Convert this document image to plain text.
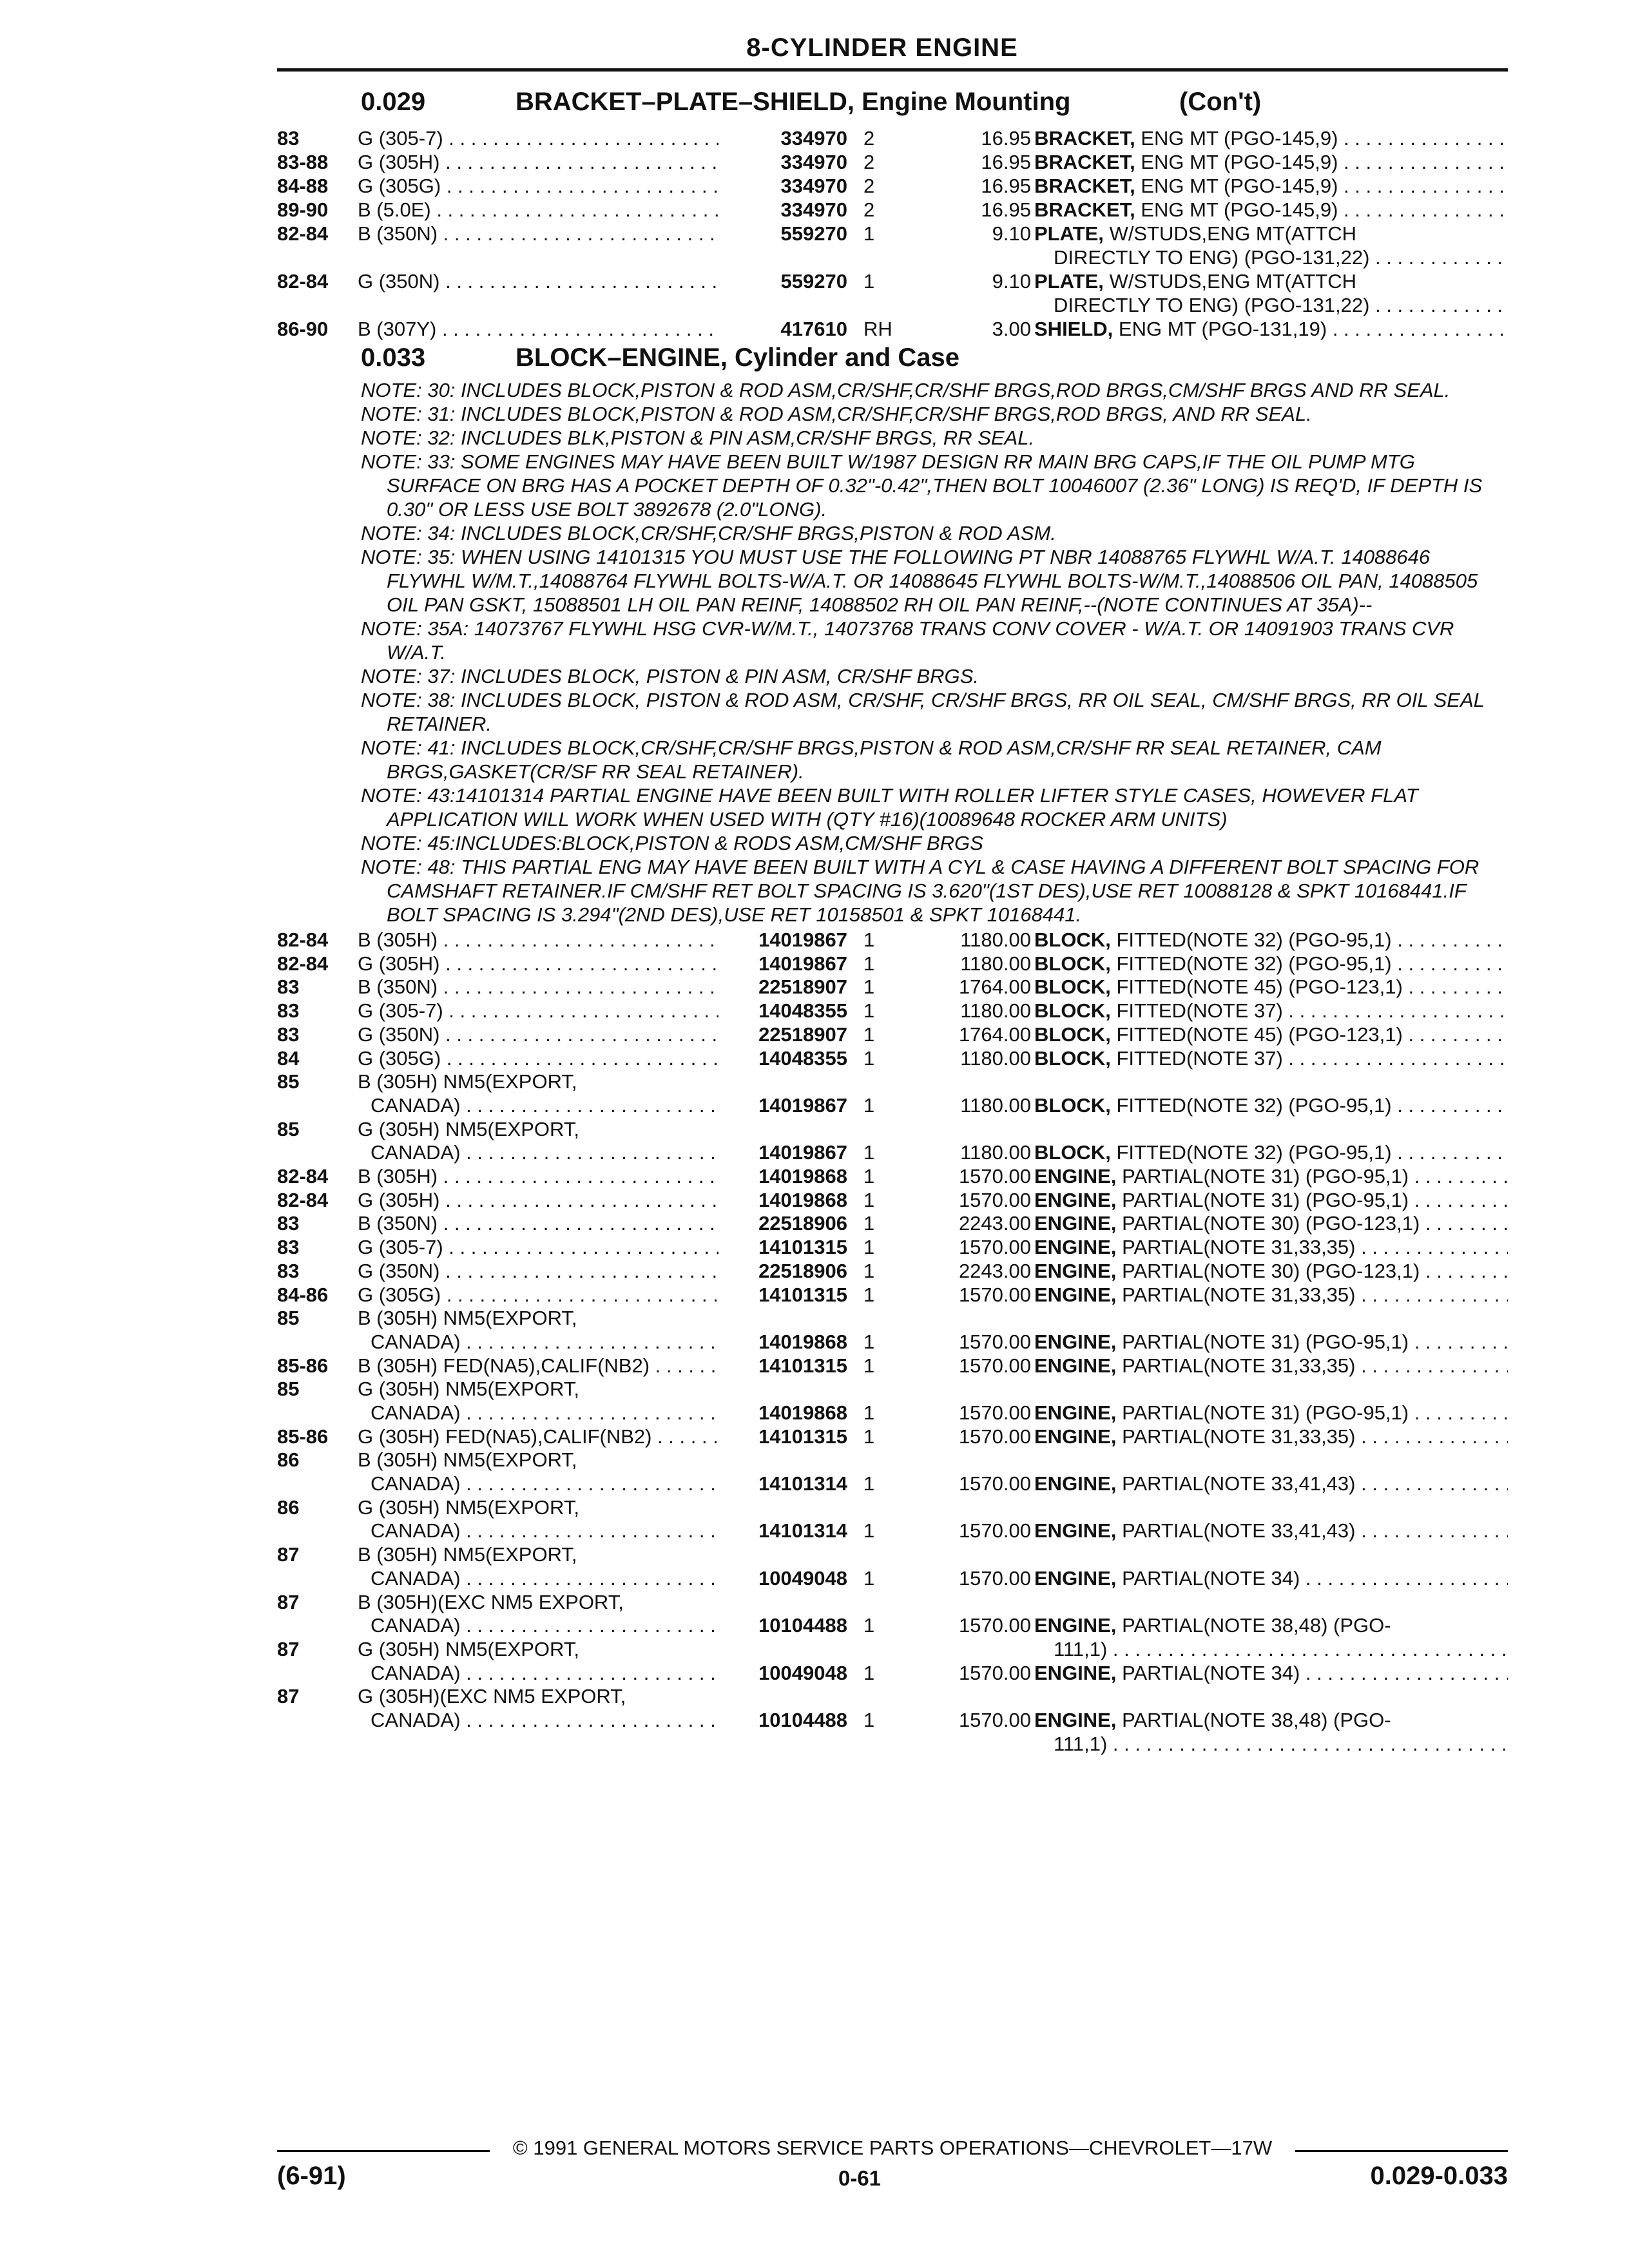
8-CYLINDER ENGINE
0.029	BRACKET–PLATE–SHIELD, Engine Mounting	(Con't)
83	G (305-7) . . .	334970 2	16.95 BRACKET, ENG MT (PGO-145,9) . . .
83-88	G (305H) . . .	334970 2	16.95 BRACKET, ENG MT (PGO-145,9) . . .
84-88	G (305G) . . .	334970 2	16.95 BRACKET, ENG MT (PGO-145,9) . . .
89-90	B (5.0E) . . .	334970 2	16.95 BRACKET, ENG MT (PGO-145,9) . . .
82-84	B (350N) . . .	559270 1	9.10 PLATE, W/STUDS,ENG MT(ATTCH
DIRECTLY TO ENG) (PGO-131,22) . . .
82-84	G (350N) . . .	559270 1	9.10 PLATE, W/STUDS,ENG MT(ATTCH
DIRECTLY TO ENG) (PGO-131,22) . . .
86-90	B (307Y) . . .	417610 RH	3.00 SHIELD, ENG MT (PGO-131,19) . . .
0.033	BLOCK–ENGINE, Cylinder and Case

NOTE: 30: INCLUDES BLOCK,PISTON & ROD ASM,CR/SHF,CR/SHF BRGS,ROD BRGS,CM/SHF BRGS AND RR SEAL.

NOTE: 31: INCLUDES BLOCK,PISTON & ROD ASM,CR/SHF,CR/SHF BRGS,ROD BRGS, AND RR SEAL.

NOTE: 32: INCLUDES BLK,PISTON & PIN ASM,CR/SHF BRGS, RR SEAL.

NOTE: 33: SOME ENGINES MAY HAVE BEEN BUILT W/1987 DESIGN RR MAIN BRG CAPS,IF THE OIL PUMP MTG SURFACE ON BRG HAS A POCKET DEPTH OF 0.32"-0.42",THEN BOLT 10046007 (2.36" LONG) IS REQ'D, IF DEPTH IS 0.30" OR LESS USE BOLT 3892678 (2.0"LONG).

NOTE: 34: INCLUDES BLOCK,CR/SHF,CR/SHF BRGS,PISTON & ROD ASM.

NOTE: 35: WHEN USING 14101315 YOU MUST USE THE FOLLOWING PT NBR 14088765 FLYWHL W/A.T. 14088646 FLYWHL W/M.T.,14088764 FLYWHL BOLTS-W/A.T. OR 14088645 FLYWHL BOLTS-W/M.T.,14088506 OIL PAN, 14088505 OIL PAN GSKT, 15088501 LH OIL PAN REINF, 14088502 RH OIL PAN REINF,--(NOTE CONTINUES AT 35A)--

NOTE: 35A: 14073767 FLYWHL HSG CVR-W/M.T., 14073768 TRANS CONV COVER - W/A.T. OR 14091903 TRANS CVR W/A.T.

NOTE: 37: INCLUDES BLOCK, PISTON & PIN ASM, CR/SHF BRGS.

NOTE: 38: INCLUDES BLOCK, PISTON & ROD ASM, CR/SHF, CR/SHF BRGS, RR OIL SEAL, CM/SHF BRGS, RR OIL SEAL RETAINER.

NOTE: 41: INCLUDES BLOCK,CR/SHF,CR/SHF BRGS,PISTON & ROD ASM,CR/SHF RR SEAL RETAINER, CAM BRGS,GASKET(CR/SF RR SEAL RETAINER).

NOTE: 43:14101314 PARTIAL ENGINE HAVE BEEN BUILT WITH ROLLER LIFTER STYLE CASES, HOWEVER FLAT APPLICATION WILL WORK WHEN USED WITH (QTY #16)(10089648 ROCKER ARM UNITS)

NOTE: 45:INCLUDES:BLOCK,PISTON & RODS ASM,CM/SHF BRGS

NOTE: 48: THIS PARTIAL ENG MAY HAVE BEEN BUILT WITH A CYL & CASE HAVING A DIFFERENT BOLT SPACING FOR CAMSHAFT RETAINER.IF CM/SHF RET BOLT SPACING IS 3.620"(1ST DES),USE RET 10088128 & SPKT 10168441.IF BOLT SPACING IS 3.294"(2ND DES),USE RET 10158501 & SPKT 10168441.

82-84	B (305H) . . .	14019867 1	1180.00 BLOCK, FITTED(NOTE 32) (PGO-95,1) . . .
82-84	G (305H) . . .	14019867 1	1180.00 BLOCK, FITTED(NOTE 32) (PGO-95,1) . . .
83	B (350N) . . .	22518907 1	1764.00 BLOCK, FITTED(NOTE 45) (PGO-123,1) . . .
83	G (305-7) . . .	14048355 1	1180.00 BLOCK, FITTED(NOTE 37) . . .
83	G (350N) . . .	22518907 1	1764.00 BLOCK, FITTED(NOTE 45) (PGO-123,1) . . .
84	G (305G) . . .	14048355 1	1180.00 BLOCK, FITTED(NOTE 37) . . .
85	B (305H) NM5(EXPORT,
CANADA) . . .	14019867 1	1180.00 BLOCK, FITTED(NOTE 32) (PGO-95,1) . . .
85	G (305H) NM5(EXPORT,
CANADA) . . .	14019867 1	1180.00 BLOCK, FITTED(NOTE 32) (PGO-95,1) . . .
82-84	B (305H) . . .	14019868 1	1570.00 ENGINE, PARTIAL(NOTE 31) (PGO-95,1) . . .
82-84	G (305H) . . .	14019868 1	1570.00 ENGINE, PARTIAL(NOTE 31) (PGO-95,1) . . .
83	B (350N) . . .	22518906 1	2243.00 ENGINE, PARTIAL(NOTE 30) (PGO-123,1) . . .
83	G (305-7) . . .	14101315 1	1570.00 ENGINE, PARTIAL(NOTE 31,33,35) . . .
83	G (350N) . . .	22518906 1	2243.00 ENGINE, PARTIAL(NOTE 30) (PGO-123,1) . . .
84-86	G (305G) . . .	14101315 1	1570.00 ENGINE, PARTIAL(NOTE 31,33,35) . . .
85	B (305H) NM5(EXPORT,
CANADA) . . .	14019868 1	1570.00 ENGINE, PARTIAL(NOTE 31) (PGO-95,1) . . .
85-86	B (305H) FED(NA5),CALIF(NB2) . . .	14101315 1	1570.00 ENGINE, PARTIAL(NOTE 31,33,35) . . .
85	G (305H) NM5(EXPORT,
CANADA) . . .	14019868 1	1570.00 ENGINE, PARTIAL(NOTE 31) (PGO-95,1) . . .
85-86	G (305H) FED(NA5),CALIF(NB2) . . .	14101315 1	1570.00 ENGINE, PARTIAL(NOTE 31,33,35) . . .
86	B (305H) NM5(EXPORT,
CANADA) . . .	14101314 1	1570.00 ENGINE, PARTIAL(NOTE 33,41,43) . . .
86	G (305H) NM5(EXPORT,
CANADA) . . .	14101314 1	1570.00 ENGINE, PARTIAL(NOTE 33,41,43) . . .
87	B (305H) NM5(EXPORT,
CANADA) . . .	10049048 1	1570.00 ENGINE, PARTIAL(NOTE 34) . . .
87	B (305H)(EXC NM5 EXPORT,
CANADA) . . .	10104488 1	1570.00 ENGINE, PARTIAL(NOTE 38,48) (PGO-
111,1) . . .
87	G (305H) NM5(EXPORT,
CANADA) . . .	10049048 1	1570.00 ENGINE, PARTIAL(NOTE 34) . . .
87	G (305H)(EXC NM5 EXPORT,
CANADA) . . .	10104488 1	1570.00 ENGINE, PARTIAL(NOTE 38,48) (PGO-
111,1) . . .
© 1991 GENERAL MOTORS SERVICE PARTS OPERATIONS—CHEVROLET—17W
(6-91)	0-61	0.029-0.033
